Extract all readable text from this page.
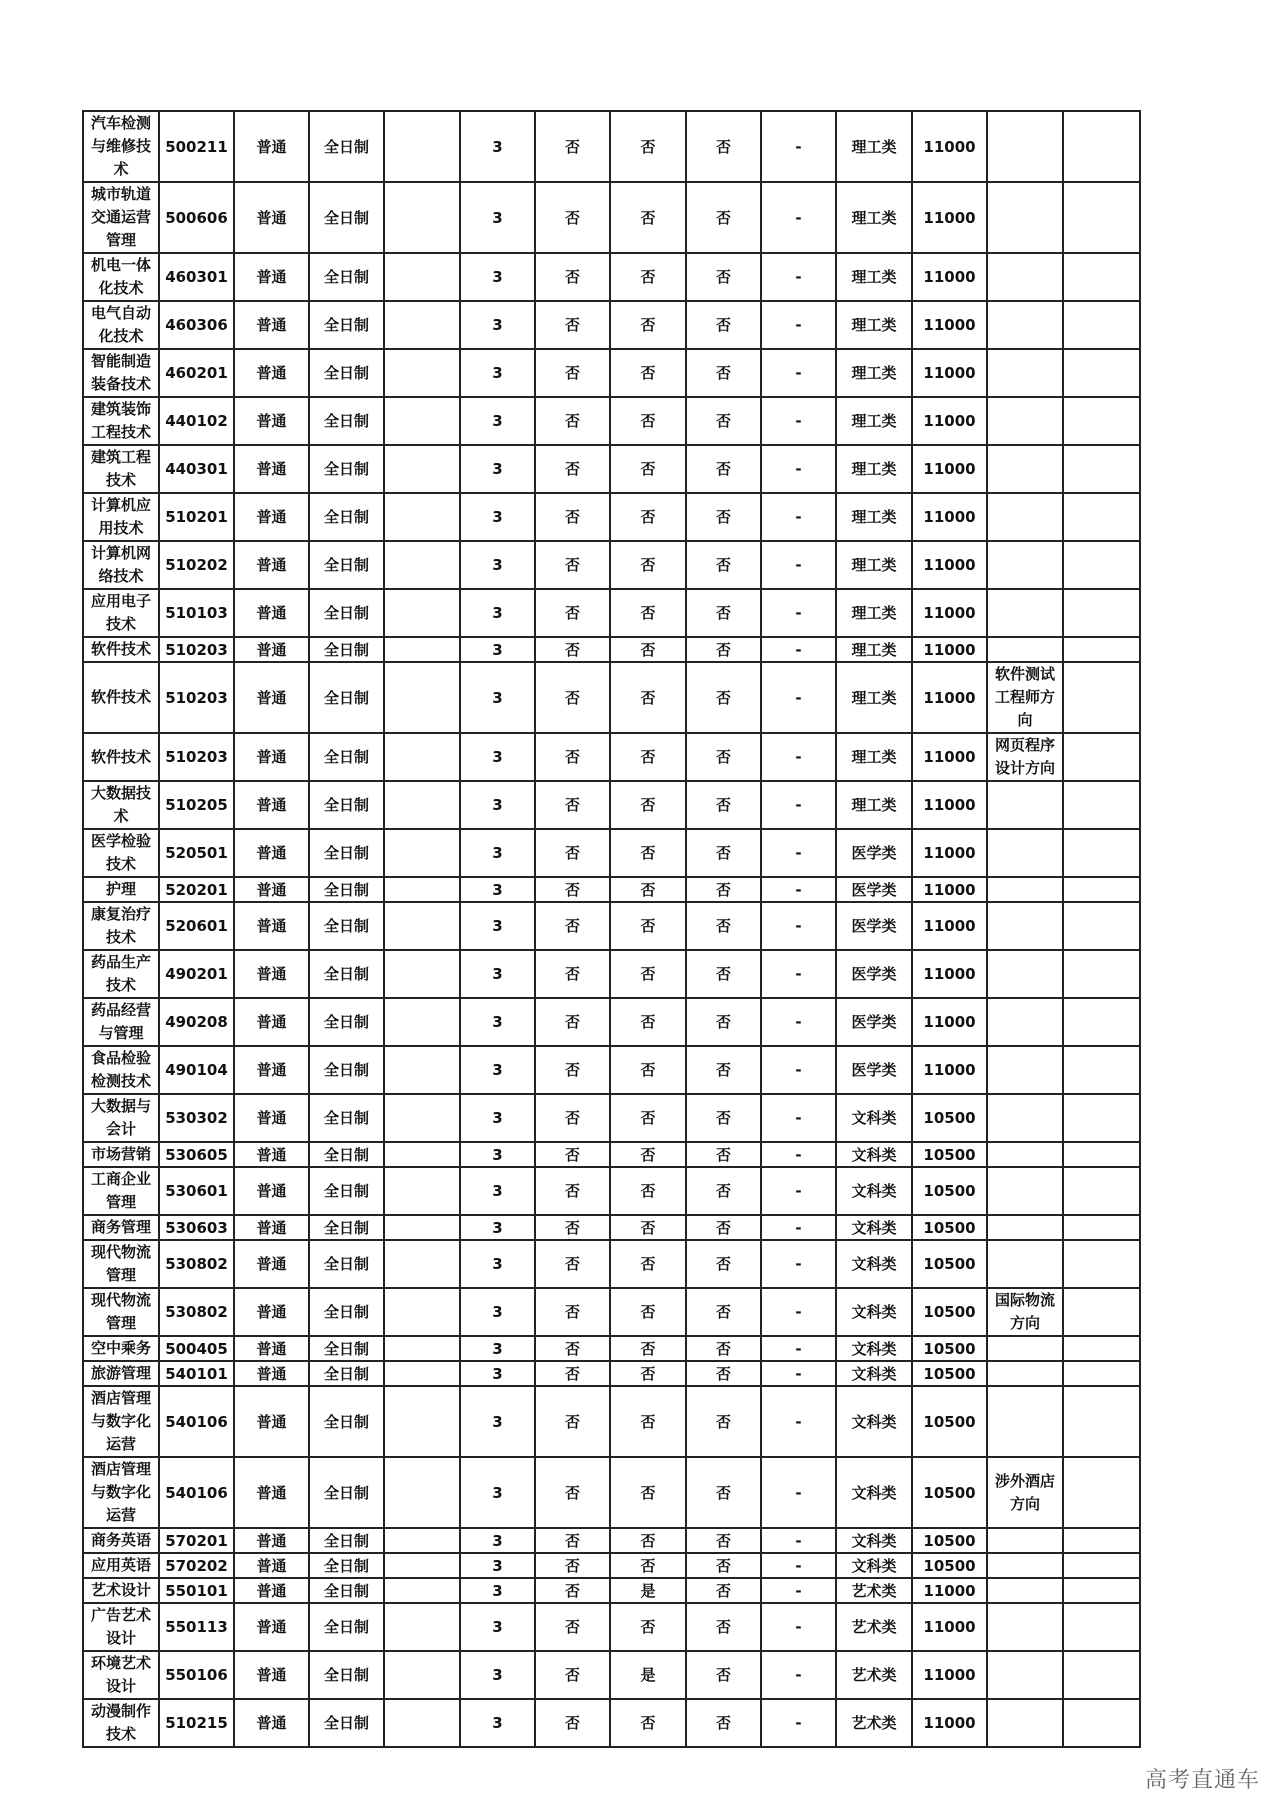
汽车检测与维修技术	500211	普通	全日制		3	否	否	否	-	理工类	11000		
城市轨道交通运营管理	500606	普通	全日制		3	否	否	否	-	理工类	11000		
机电一体化技术	460301	普通	全日制		3	否	否	否	-	理工类	11000		
电气自动化技术	460306	普通	全日制		3	否	否	否	-	理工类	11000		
智能制造装备技术	460201	普通	全日制		3	否	否	否	-	理工类	11000		
建筑装饰工程技术	440102	普通	全日制		3	否	否	否	-	理工类	11000		
建筑工程技术	440301	普通	全日制		3	否	否	否	-	理工类	11000		
计算机应用技术	510201	普通	全日制		3	否	否	否	-	理工类	11000		
计算机网络技术	510202	普通	全日制		3	否	否	否	-	理工类	11000		
应用电子技术	510103	普通	全日制		3	否	否	否	-	理工类	11000		
软件技术	510203	普通	全日制		3	否	否	否	-	理工类	11000		
软件技术	510203	普通	全日制		3	否	否	否	-	理工类	11000	软件测试工程师方向	
软件技术	510203	普通	全日制		3	否	否	否	-	理工类	11000	网页程序设计方向	
大数据技术	510205	普通	全日制		3	否	否	否	-	理工类	11000		
医学检验技术	520501	普通	全日制		3	否	否	否	-	医学类	11000		
护理	520201	普通	全日制		3	否	否	否	-	医学类	11000		
康复治疗技术	520601	普通	全日制		3	否	否	否	-	医学类	11000		
药品生产技术	490201	普通	全日制		3	否	否	否	-	医学类	11000		
药品经营与管理	490208	普通	全日制		3	否	否	否	-	医学类	11000		
食品检验检测技术	490104	普通	全日制		3	否	否	否	-	医学类	11000		
大数据与会计	530302	普通	全日制		3	否	否	否	-	文科类	10500		
市场营销	530605	普通	全日制		3	否	否	否	-	文科类	10500		
工商企业管理	530601	普通	全日制		3	否	否	否	-	文科类	10500		
商务管理	530603	普通	全日制		3	否	否	否	-	文科类	10500		
现代物流管理	530802	普通	全日制		3	否	否	否	-	文科类	10500		
现代物流管理	530802	普通	全日制		3	否	否	否	-	文科类	10500	国际物流方向	
空中乘务	500405	普通	全日制		3	否	否	否	-	文科类	10500		
旅游管理	540101	普通	全日制		3	否	否	否	-	文科类	10500		
酒店管理与数字化运营	540106	普通	全日制		3	否	否	否	-	文科类	10500		
酒店管理与数字化运营	540106	普通	全日制		3	否	否	否	-	文科类	10500	涉外酒店方向	
商务英语	570201	普通	全日制		3	否	否	否	-	文科类	10500		
应用英语	570202	普通	全日制		3	否	否	否	-	文科类	10500		
艺术设计	550101	普通	全日制		3	否	是	否	-	艺术类	11000		
广告艺术设计	550113	普通	全日制		3	否	否	否	-	艺术类	11000		
环境艺术设计	550106	普通	全日制		3	否	是	否	-	艺术类	11000		
动漫制作技术	510215	普通	全日制		3	否	否	否	-	艺术类	11000		
高考直通车
